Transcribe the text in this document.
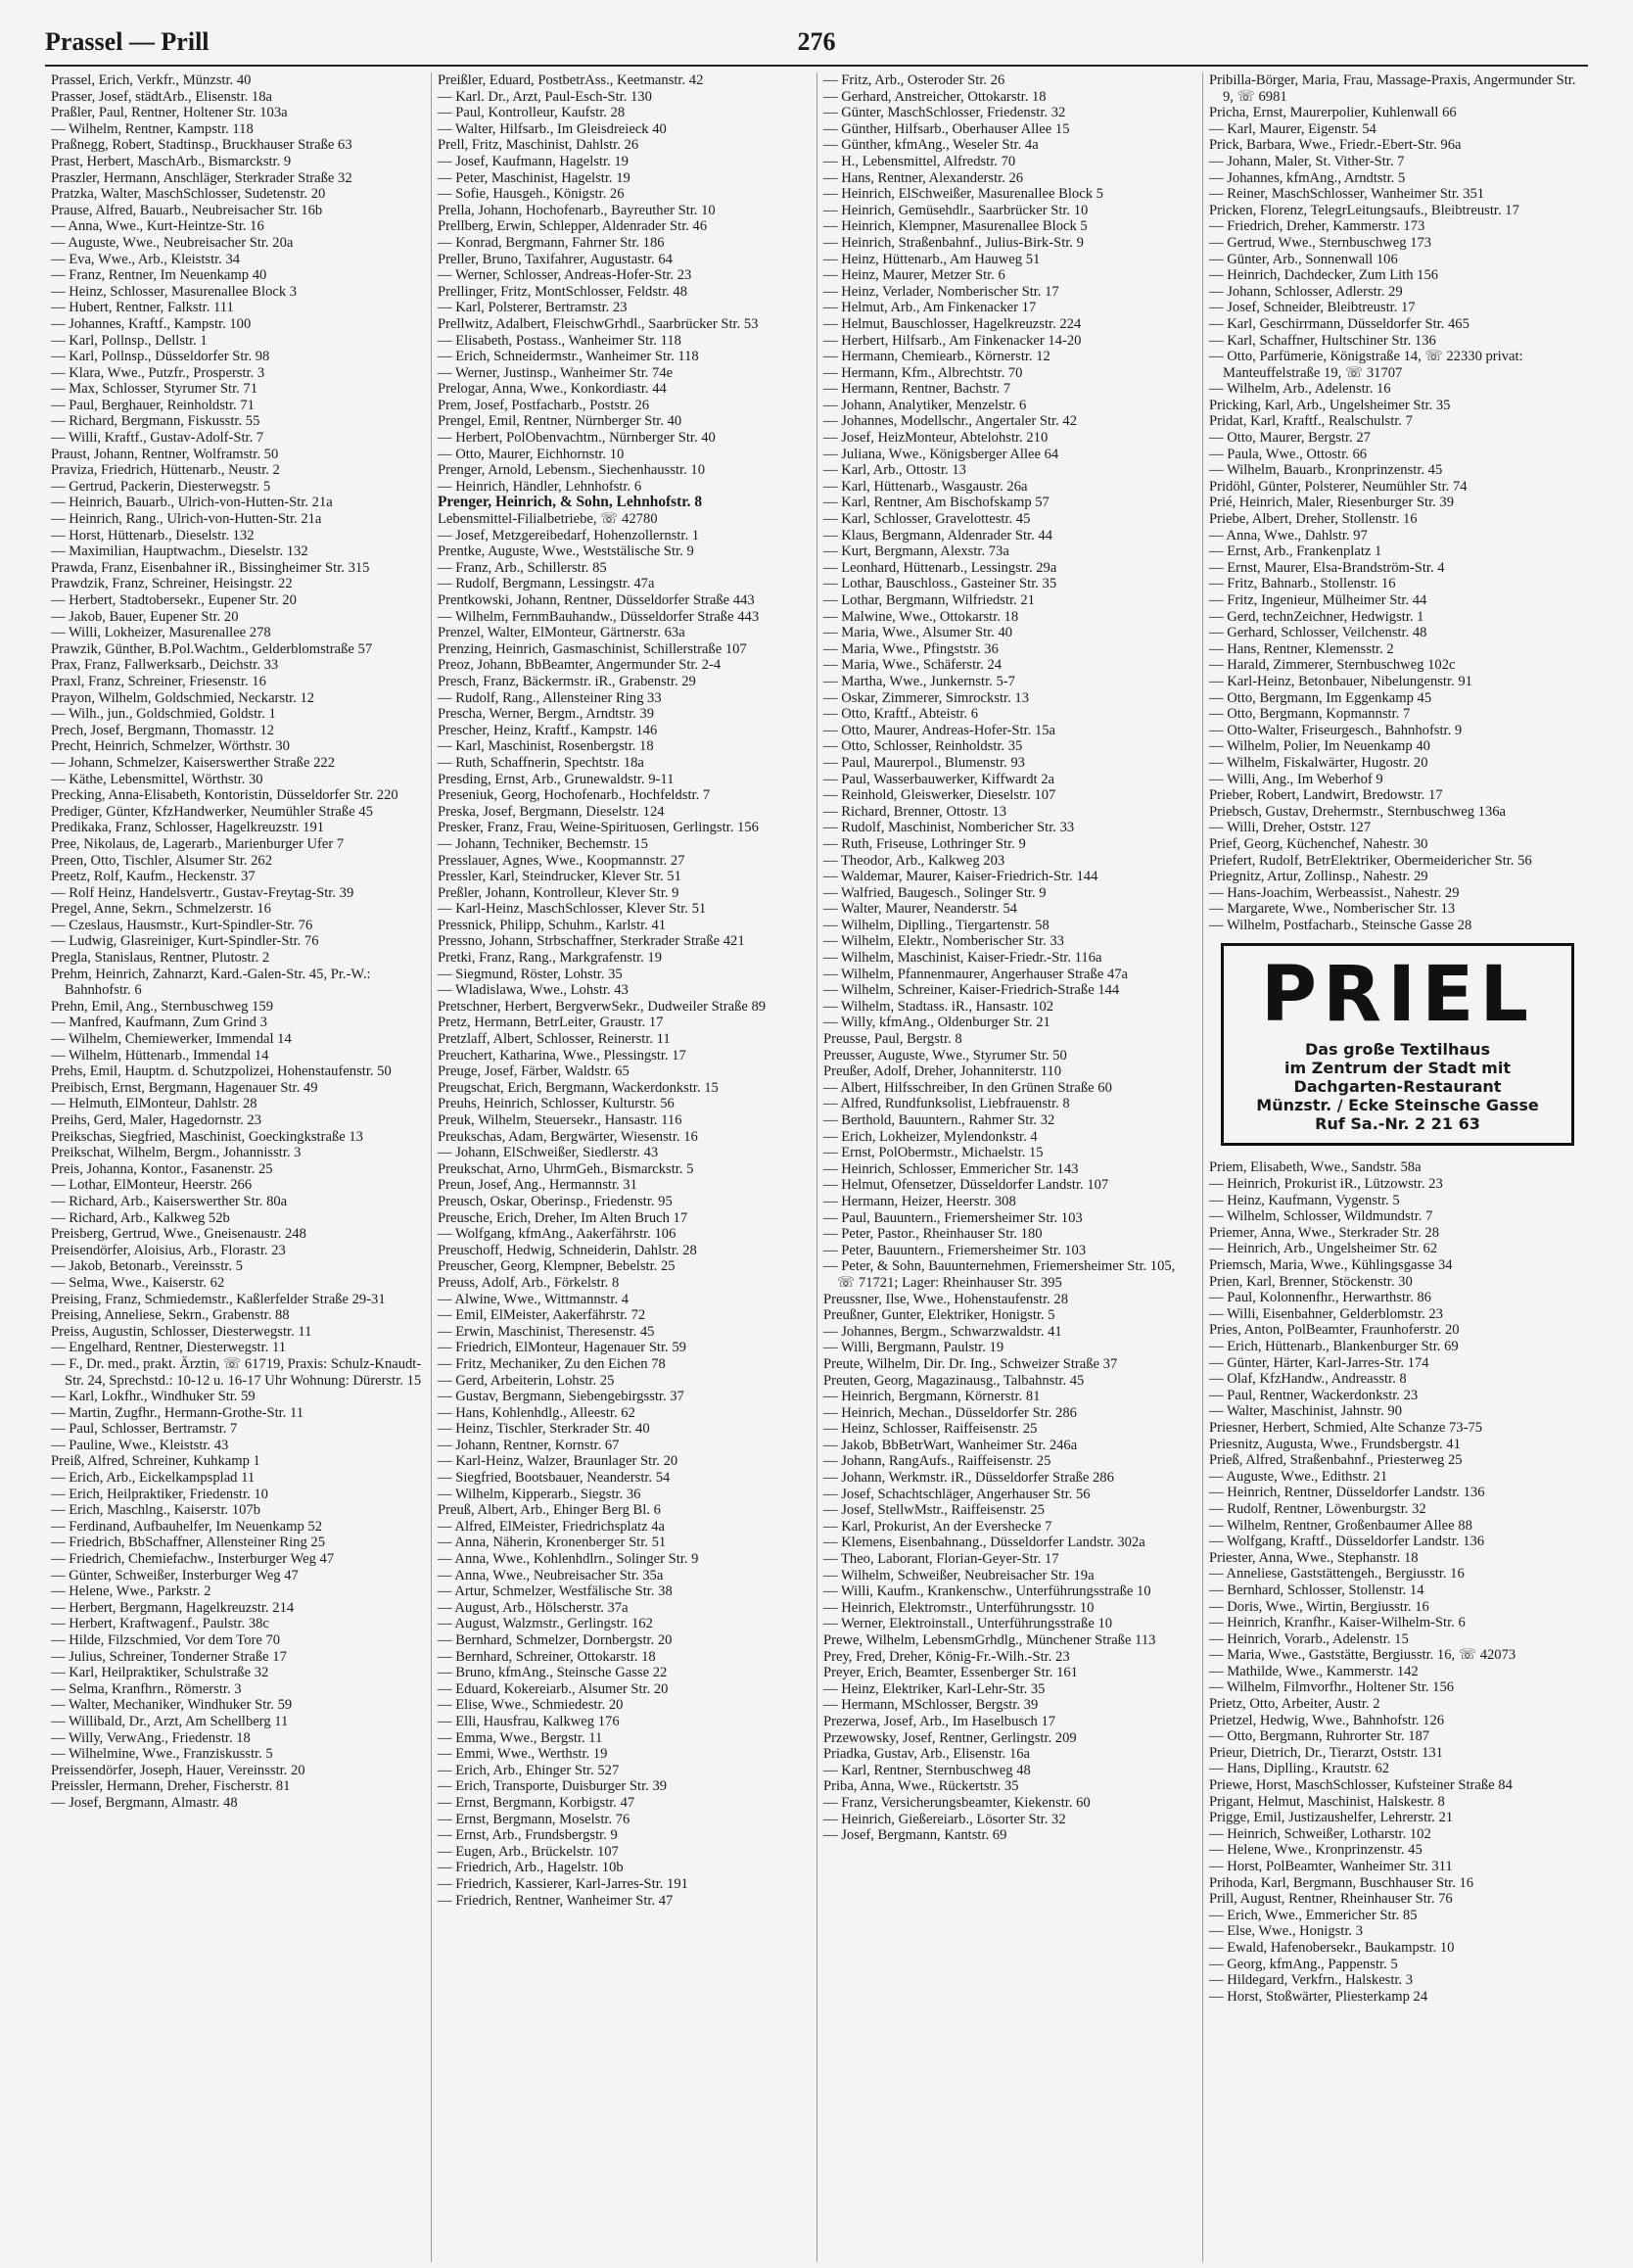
Prassel — Prill	276
Prassel, Erich, Verkfr., Münzstr. 40
Prasser, Josef, städtArb., Elisenstr. 18a
Praßler, Paul, Rentner, Holtener Str. 103a
— Wilhelm, Rentner, Kampstr. 118
Praßnegg, Robert, Stadtinsp., Bruckhauser Straße 63
Prast, Herbert, MaschArb., Bismarckstr. 9
Praszler, Hermann, Anschläger, Sterkrader Straße 32
Pratzka, Walter, MaschSchlosser, Sudetenstr. 20
Prause, Alfred, Bauarb., Neubreisacher Str. 16b
— Anna, Wwe., Kurt-Heintze-Str. 16
— Auguste, Wwe., Neubreisacher Str. 20a
— Eva, Wwe., Arb., Kleiststr. 34
— Franz, Rentner, Im Neuenkamp 40
— Heinz, Schlosser, Masurenallee Block 3
— Hubert, Rentner, Falkstr. 111
— Johannes, Kraftf., Kampstr. 100
— Karl, Pollnsp., Dellstr. 1
— Karl, Pollnsp., Düsseldorfer Str. 98
— Klara, Wwe., Putzfr., Prosperstr. 3
— Max, Schlosser, Styrumer Str. 71
— Paul, Berghauer, Reinholdstr. 71
— Richard, Bergmann, Fiskusstr. 55
— Willi, Kraftf., Gustav-Adolf-Str. 7
Praust, Johann, Rentner, Wolframstr. 50
Praviza, Friedrich, Hüttenarb., Neustr. 2
— Gertrud, Packerin, Diesterwegstr. 5
— Heinrich, Bauarb., Ulrich-von-Hutten-Str. 21a
— Heinrich, Rang., Ulrich-von-Hutten-Str. 21a
— Horst, Hüttenarb., Dieselstr. 132
— Maximilian, Hauptwachm., Dieselstr. 132
Prawda, Franz, Eisenbahner iR., Bissingheimer Str. 315
Prawdzik, Franz, Schreiner, Heisingstr. 22
— Herbert, Stadtobersekr., Eupener Str. 20
— Jakob, Bauer, Eupener Str. 20
— Willi, Lokheizer, Masurenallee 278
Prawzik, Günther, B.Pol.Wachtm., Gelderblomstraße 57
Prax, Franz, Fallwerksarb., Deichstr. 33
Praxl, Franz, Schreiner, Friesenstr. 16
Prayon, Wilhelm, Goldschmied, Neckarstr. 12
— Wilh., jun., Goldschmied, Goldstr. 1
Prech, Josef, Bergmann, Thomasstr. 12
Precht, Heinrich, Schmelzer, Wörthstr. 30
— Johann, Schmelzer, Kaiserswerther Straße 222
— Käthe, Lebensmittel, Wörthstr. 30
Precking, Anna-Elisabeth, Kontoristin, Düsseldorfer Str. 220
Prediger, Günter, KfzHandwerker, Neumühler Straße 45
Predikaka, Franz, Schlosser, Hagelkreuzstr. 191
Pree, Nikolaus, de, Lagerarb., Marienburger Ufer 7
Preen, Otto, Tischler, Alsumer Str. 262
Preetz, Rolf, Kaufm., Heckenstr. 37
— Rolf Heinz, Handelsvertr., Gustav-Freytag-Str. 39
Pregel, Anne, Sekrn., Schmelzerstr. 16
— Czeslaus, Hausmstr., Kurt-Spindler-Str. 76
— Ludwig, Glasreiniger, Kurt-Spindler-Str. 76
Pregla, Stanislaus, Rentner, Plutostr. 2
Prehm, Heinrich, Zahnarzt, Kard.-Galen-Str. 45, Pr.-W.: Bahnhofstr. 6
Prehn, Emil, Ang., Sternbuschweg 159
— Manfred, Kaufmann, Zum Grind 3
— Wilhelm, Chemiewerker, Immendal 14
— Wilhelm, Hüttenarb., Immendal 14
Prehs, Emil, Hauptm. d. Schutzpolizei, Hohenstaufenstr. 50
Preibisch, Ernst, Bergmann, Hagenauer Str. 49
— Helmuth, ElMonteur, Dahlstr. 28
Preihs, Gerd, Maler, Hagedornstr. 23
Preikschas, Siegfried, Maschinist, Goeckingkstraße 13
Preikschat, Wilhelm, Bergm., Johannisstr. 3
Preis, Johanna, Kontor., Fasanenstr. 25
— Lothar, ElMonteur, Heerstr. 266
— Richard, Arb., Kaiserswerther Str. 80a
— Richard, Arb., Kalkweg 52b
Preisberg, Gertrud, Wwe., Gneisenaustr. 248
Preisendörfer, Aloisius, Arb., Florastr. 23
— Jakob, Betonarb., Vereinsstr. 5
— Selma, Wwe., Kaiserstr. 62
Preising, Franz, Schmiedemstr., Kaßlerfelder Straße 29-31
Preising, Anneliese, Sekrn., Grabenstr. 88
Preiss, Augustin, Schlosser, Diesterwegstr. 11
— Engelhard, Rentner, Diesterwegstr. 11
— F., Dr. med., prakt. Ärztin, ☏ 61719, Praxis: Schulz-Knaudt-Str. 24, Sprechstd.: 10-12 u. 16-17 Uhr Wohnung: Dürerstr. 15
— Karl, Lokfhr., Windhuker Str. 59
— Martin, Zugfhr., Hermann-Grothe-Str. 11
— Paul, Schlosser, Bertramstr. 7
— Pauline, Wwe., Kleiststr. 43
Preiß, Alfred, Schreiner, Kuhkamp 1
— Erich, Arb., Eickelkampsplad 11
— Erich, Heilpraktiker, Friedenstr. 10
— Erich, Maschlng., Kaiserstr. 107b
— Ferdinand, Aufbauhelfer, Im Neuenkamp 52
— Friedrich, BbSchaffner, Allensteiner Ring 25
— Friedrich, Chemiefachw., Insterburger Weg 47
— Günter, Schweißer, Insterburger Weg 47
— Helene, Wwe., Parkstr. 2
— Herbert, Bergmann, Hagelkreuzstr. 214
— Herbert, Kraftwagenf., Paulstr. 38c
— Hilde, Filzschmied, Vor dem Tore 70
— Julius, Schreiner, Tonderner Straße 17
— Karl, Heilpraktiker, Schulstraße 32
— Selma, Kranfhrn., Römerstr. 3
— Walter, Mechaniker, Windhuker Str. 59
— Willibald, Dr., Arzt, Am Schellberg 11
— Willy, VerwAng., Friedenstr. 18
— Wilhelmine, Wwe., Franziskusstr. 5
Preissendörfer, Joseph, Hauer, Vereinsstr. 20
Preissler, Hermann, Dreher, Fischerstr. 81
— Josef, Bergmann, Almastr. 48
Preißler, Eduard, PostbetrAss., Keetmanstr. 42
— Karl. Dr., Arzt, Paul-Esch-Str. 130
— Paul, Kontrolleur, Kaufstr. 28
— Walter, Hilfsarb., Im Gleisdreieck 40
Prell, Fritz, Maschinist, Dahlstr. 26
— Josef, Kaufmann, Hagelstr. 19
— Peter, Maschinist, Hagelstr. 19
— Sofie, Hausgeh., Königstr. 26
Prella, Johann, Hochofenarb., Bayreuther Str. 10
Prellberg, Erwin, Schlepper, Aldenrader Str. 46
— Konrad, Bergmann, Fahrner Str. 186
Preller, Bruno, Taxifahrer, Augustastr. 64
— Werner, Schlosser, Andreas-Hofer-Str. 23
Prellinger, Fritz, MontSchlosser, Feldstr. 48
— Karl, Polsterer, Bertramstr. 23
Prellwitz, Adalbert, FleischwGrhdl., Saarbrücker Str. 53
— Elisabeth, Postass., Wanheimer Str. 118
— Erich, Schneidermstr., Wanheimer Str. 118
— Werner, Justinsp., Wanheimer Str. 74e
Prelogar, Anna, Wwe., Konkordiastr. 44
Prem, Josef, Postfacharb., Poststr. 26
Prengel, Emil, Rentner, Nürnberger Str. 40
— Herbert, PolObenvachtm., Nürnberger Str. 40
— Otto, Maurer, Eichhornstr. 10
Prenger, Arnold, Lebensm., Siechenhausstr. 10
— Heinrich, Händler, Lehnhofstr. 6
Prenger, Heinrich, & Sohn, Lehnhofstr. 8
Lebensmittel-Filialbetriebe, ☏ 42780
— Josef, Metzgereibedarf, Hohenzollernstr. 1
Prentke, Auguste, Wwe., Weststälische Str. 9
— Franz, Arb., Schillerstr. 85
— Rudolf, Bergmann, Lessingstr. 47a
Prentkowski, Johann, Rentner, Düsseldorfer Straße 443
— Wilhelm, FernmBauhandw., Düsseldorfer Straße 443
Prenzel, Walter, ElMonteur, Gärtnerstr. 63a
Prenzing, Heinrich, Gasmaschinist, Schillerstraße 107
Preoz, Johann, BbBeamter, Angermunder Str. 2-4
Presch, Franz, Bäckermstr. iR., Grabenstr. 29
— Rudolf, Rang., Allensteiner Ring 33
Prescha, Werner, Bergm., Arndtstr. 39
Prescher, Heinz, Kraftf., Kampstr. 146
— Karl, Maschinist, Rosenbergstr. 18
— Ruth, Schaffnerin, Spechtstr. 18a
Presding, Ernst, Arb., Grunewaldstr. 9-11
Preseniuk, Georg, Hochofenarb., Hochfeldstr. 7
Preska, Josef, Bergmann, Dieselstr. 124
Presker, Franz, Frau, Weine-Spirituosen, Gerlingstr. 156
— Johann, Techniker, Bechemstr. 15
Presslauer, Agnes, Wwe., Koopmannstr. 27
Pressler, Karl, Steindrucker, Klever Str. 51
Preßler, Johann, Kontrolleur, Klever Str. 9
— Karl-Heinz, MaschSchlosser, Klever Str. 51
Pressnick, Philipp, Schuhm., Karlstr. 41
Pressno, Johann, Strbschaffner, Sterkrader Straße 421
Pretki, Franz, Rang., Markgrafenstr. 19
— Siegmund, Röster, Lohstr. 35
— Wladislawa, Wwe., Lohstr. 43
Pretschner, Herbert, BergverwSekr., Dudweiler Straße 89
Pretz, Hermann, BetrLeiter, Graustr. 17
Pretzlaff, Albert, Schlosser, Reinerstr. 11
Preuchert, Katharina, Wwe., Plessingstr. 17
Preuge, Josef, Färber, Waldstr. 65
Preugschat, Erich, Bergmann, Wackerdonkstr. 15
Preuhs, Heinrich, Schlosser, Kulturstr. 56
Preuk, Wilhelm, Steuersekr., Hansastr. 116
Preukschas, Adam, Bergwärter, Wiesenstr. 16
— Johann, ElSchweißer, Siedlerstr. 43
Preukschat, Arno, UhrmGeh., Bismarckstr. 5
Preun, Josef, Ang., Hermannstr. 31
Preusch, Oskar, Oberinsp., Friedenstr. 95
Preusche, Erich, Dreher, Im Alten Bruch 17
— Wolfgang, kfmAng., Aakerfährstr. 106
Preuschoff, Hedwig, Schneiderin, Dahlstr. 28
Preuscher, Georg, Klempner, Bebelstr. 25
Preuss, Adolf, Arb., Förkelstr. 8
— Alwine, Wwe., Wittmannstr. 4
— Emil, ElMeister, Aakerfährstr. 72
— Erwin, Maschinist, Theresenstr. 45
— Friedrich, ElMonteur, Hagenauer Str. 59
— Fritz, Mechaniker, Zu den Eichen 78
— Gerd, Arbeiterin, Lohstr. 25
— Gustav, Bergmann, Siebengebirgsstr. 37
— Hans, Kohlenhdlg., Alleestr. 62
— Heinz, Tischler, Sterkrader Str. 40
— Johann, Rentner, Kornstr. 67
— Karl-Heinz, Walzer, Braunlager Str. 20
— Siegfried, Bootsbauer, Neanderstr. 54
— Wilhelm, Kipperarb., Siegstr. 36
Preuß, Albert, Arb., Ehinger Berg Bl. 6
— Alfred, ElMeister, Friedrichsplatz 4a
— Anna, Näherin, Kronenberger Str. 51
— Anna, Wwe., Kohlenhdlrn., Solinger Str. 9
— Anna, Wwe., Neubreisacher Str. 35a
— Artur, Schmelzer, Westfälische Str. 38
— August, Arb., Hölscherstr. 37a
— August, Walzmstr., Gerlingstr. 162
— Bernhard, Schmelzer, Dornbergstr. 20
— Bernhard, Schreiner, Ottokarstr. 18
— Bruno, kfmAng., Steinsche Gasse 22
— Eduard, Kokereiarb., Alsumer Str. 20
— Elise, Wwe., Schmiedestr. 20
— Elli, Hausfrau, Kalkweg 176
— Emma, Wwe., Bergstr. 11
— Emmi, Wwe., Werthstr. 19
— Erich, Arb., Ehinger Str. 527
— Erich, Transporte, Duisburger Str. 39
— Ernst, Bergmann, Korbigstr. 47
— Ernst, Bergmann, Moselstr. 76
— Ernst, Arb., Frundsbergstr. 9
— Eugen, Arb., Brückelstr. 107
— Friedrich, Arb., Hagelstr. 10b
— Friedrich, Kassierer, Karl-Jarres-Str. 191
— Friedrich, Rentner, Wanheimer Str. 47
— Fritz, Arb., Osteroder Str. 26
— Gerhard, Anstreicher, Ottokarstr. 18
— Günter, MaschSchlosser, Friedenstr. 32
— Günther, Hilfsarb., Oberhauser Allee 15
— Günther, kfmAng., Weseler Str. 4a
— H., Lebensmittel, Alfredstr. 70
— Hans, Rentner, Alexanderstr. 26
— Heinrich, ElSchweißer, Masurenallee Block 5
— Heinrich, Gemüsehdlr., Saarbrücker Str. 10
— Heinrich, Klempner, Masurenallee Block 5
— Heinrich, Straßenbahnf., Julius-Birk-Str. 9
— Heinz, Hüttenarb., Am Hauweg 51
— Heinz, Maurer, Metzer Str. 6
— Heinz, Verlader, Nomberischer Str. 17
— Helmut, Arb., Am Finkenacker 17
— Helmut, Bauschlosser, Hagelkreuzstr. 224
— Herbert, Hilfsarb., Am Finkenacker 14-20
— Hermann, Chemiearb., Körnerstr. 12
— Hermann, Kfm., Albrechtstr. 70
— Hermann, Rentner, Bachstr. 7
— Johann, Analytiker, Menzelstr. 6
— Johannes, Modellschr., Angertaler Str. 42
— Josef, HeizMonteur, Abtelohstr. 210
— Juliana, Wwe., Königsberger Allee 64
— Karl, Arb., Ottostr. 13
— Karl, Hüttenarb., Wasgaustr. 26a
— Karl, Rentner, Am Bischofskamp 57
— Karl, Schlosser, Gravelottestr. 45
— Klaus, Bergmann, Aldenrader Str. 44
— Kurt, Bergmann, Alexstr. 73a
— Leonhard, Hüttenarb., Lessingstr. 29a
— Lothar, Bauschloss., Gasteiner Str. 35
— Lothar, Bergmann, Wilfriedstr. 21
— Malwine, Wwe., Ottokarstr. 18
— Maria, Wwe., Alsumer Str. 40
— Maria, Wwe., Pfingststr. 36
— Maria, Wwe., Schäferstr. 24
— Martha, Wwe., Junkernstr. 5-7
— Oskar, Zimmerer, Simrockstr. 13
— Otto, Kraftf., Abteistr. 6
— Otto, Maurer, Andreas-Hofer-Str. 15a
— Otto, Schlosser, Reinholdstr. 35
— Paul, Maurerpol., Blumenstr. 93
— Paul, Wasserbauwerker, Kiffwardt 2a
— Reinhold, Gleiswerker, Dieselstr. 107
— Richard, Brenner, Ottostr. 13
— Rudolf, Maschinist, Nombericher Str. 33
— Ruth, Friseuse, Lothringer Str. 9
— Theodor, Arb., Kalkweg 203
— Waldemar, Maurer, Kaiser-Friedrich-Str. 144
— Walfried, Baugesch., Solinger Str. 9
— Walter, Maurer, Neanderstr. 54
— Wilhelm, Diplling., Tiergartenstr. 58
— Wilhelm, Elektr., Nomberischer Str. 33
— Wilhelm, Maschinist, Kaiser-Friedr.-Str. 116a
— Wilhelm, Pfannenmaurer, Angerhauser Straße 47a
— Wilhelm, Schreiner, Kaiser-Friedrich-Straße 144
— Wilhelm, Stadtass. iR., Hansastr. 102
— Willy, kfmAng., Oldenburger Str. 21
Preusse, Paul, Bergstr. 8
Preusser, Auguste, Wwe., Styrumer Str. 50
Preußer, Adolf, Dreher, Johanniterstr. 110
— Albert, Hilfsschreiber, In den Grünen Straße 60
— Alfred, Rundfunksolist, Liebfrauenstr. 8
— Berthold, Bauuntern., Rahmer Str. 32
— Erich, Lokheizer, Mylendonkstr. 4
— Ernst, PolObermstr., Michaelstr. 15
— Heinrich, Schlosser, Emmericher Str. 143
— Helmut, Ofensetzer, Düsseldorfer Landstr. 107
— Hermann, Heizer, Heerstr. 308
— Paul, Bauuntern., Friemersheimer Str. 103
— Peter, Pastor., Rheinhauser Str. 180
— Peter, Bauuntern., Friemersheimer Str. 103
— Peter, & Sohn, Bauunternehmen, Friemersheimer Str. 105, ☏ 71721; Lager: Rheinhauser Str. 395
Preussner, Ilse, Wwe., Hohenstaufenstr. 28
Preußner, Gunter, Elektriker, Honigstr. 5
— Johannes, Bergm., Schwarzwaldstr. 41
— Willi, Bergmann, Paulstr. 19
Preute, Wilhelm, Dir. Dr. Ing., Schweizer Straße 37
Preuten, Georg, Magazinausg., Talbahnstr. 45
— Heinrich, Bergmann, Körnerstr. 81
— Heinrich, Mechan., Düsseldorfer Str. 286
— Heinz, Schlosser, Raiffeisenstr. 25
— Jakob, BbBetrWart, Wanheimer Str. 246a
— Johann, RangAufs., Raiffeisenstr. 25
— Johann, Werkmstr. iR., Düsseldorfer Straße 286
— Josef, Schachtschläger, Angerhauser Str. 56
— Josef, StellwMstr., Raiffeisenstr. 25
— Karl, Prokurist, An der Evershecke 7
— Klemens, Eisenbahnang., Düsseldorfer Landstr. 302a
— Theo, Laborant, Florian-Geyer-Str. 17
— Wilhelm, Schweißer, Neubreisacher Str. 19a
— Willi, Kaufm., Krankenschw., Unterführungsstraße 10
— Heinrich, Elektromstr., Unterführungsstr. 10
— Werner, Elektroinstall., Unterführungsstraße 10
Prewe, Wilhelm, LebensmGrhdlg., Münchener Straße 113
Prey, Fred, Dreher, König-Fr.-Wilh.-Str. 23
Preyer, Erich, Beamter, Essenberger Str. 161
— Heinz, Elektriker, Karl-Lehr-Str. 35
— Hermann, MSchlosser, Bergstr. 39
Prezerwa, Josef, Arb., Im Haselbusch 17
Przewowsky, Josef, Rentner, Gerlingstr. 209
Priadka, Gustav, Arb., Elisenstr. 16a
— Karl, Rentner, Sternbuschweg 48
Priba, Anna, Wwe., Rückertstr. 35
— Franz, Versicherungsbeamter, Kiekenstr. 60
— Heinrich, Gießereiarb., Lösorter Str. 32
— Josef, Bergmann, Kantstr. 69
Pribilla-Börger, Maria, Frau, Massage-Praxis, Angermunder Str. 9, ☏ 6981
Pricha, Ernst, Maurerpolier, Kuhlenwall 66
— Karl, Maurer, Eigenstr. 54
Prick, Barbara, Wwe., Friedr.-Ebert-Str. 96a
— Johann, Maler, St. Vither-Str. 7
— Johannes, kfmAng., Arndtstr. 5
— Reiner, MaschSchlosser, Wanheimer Str. 351
Pricken, Florenz, TelegrLeitungsaufs., Bleibtreustr. 17
— Friedrich, Dreher, Kammerstr. 173
— Gertrud, Wwe., Sternbuschweg 173
— Günter, Arb., Sonnenwall 106
— Heinrich, Dachdecker, Zum Lith 156
— Johann, Schlosser, Adlerstr. 29
— Josef, Schneider, Bleibtreustr. 17
— Karl, Geschirrmann, Düsseldorfer Str. 465
— Karl, Schaffner, Hultschiner Str. 136
— Otto, Parfümerie, Königstraße 14, ☏ 22330 privat: Manteuffelstraße 19, ☏ 31707
— Wilhelm, Arb., Adelenstr. 16
Pricking, Karl, Arb., Ungelsheimer Str. 35
Pridat, Karl, Kraftf., Realschulstr. 7
— Otto, Maurer, Bergstr. 27
— Paula, Wwe., Ottostr. 66
— Wilhelm, Bauarb., Kronprinzenstr. 45
Pridöhl, Günter, Polsterer, Neumühler Str. 74
Prié, Heinrich, Maler, Riesenburger Str. 39
Priebe, Albert, Dreher, Stollenstr. 16
— Anna, Wwe., Dahlstr. 97
— Ernst, Arb., Frankenplatz 1
— Ernst, Maurer, Elsa-Brandström-Str. 4
— Fritz, Bahnarb., Stollenstr. 16
— Fritz, Ingenieur, Mülheimer Str. 44
— Gerd, technZeichner, Hedwigstr. 1
— Gerhard, Schlosser, Veilchenstr. 48
— Hans, Rentner, Klemensstr. 2
— Harald, Zimmerer, Sternbuschweg 102c
— Karl-Heinz, Betonbauer, Nibelungenstr. 91
— Otto, Bergmann, Im Eggenkamp 45
— Otto, Bergmann, Kopmannstr. 7
— Otto-Walter, Friseurgesch., Bahnhofstr. 9
— Wilhelm, Polier, Im Neuenkamp 40
— Wilhelm, Fiskalwärter, Hugostr. 20
— Willi, Ang., Im Weberhof 9
Prieber, Robert, Landwirt, Bredowstr. 17
Priebsch, Gustav, Drehermstr., Sternbuschweg 136a
— Willi, Dreher, Oststr. 127
Prief, Georg, Küchenchef, Nahestr. 30
Priefert, Rudolf, BetrElektriker, Obermeidericher Str. 56
Priegnitz, Artur, Zollinsp., Nahestr. 29
— Hans-Joachim, Werbeassist., Nahestr. 29
— Margarete, Wwe., Nomberischer Str. 13
— Wilhelm, Postfacharb., Steinsche Gasse 28
PRIEL
Das große Textilhaus
im Zentrum der Stadt mit
Dachgarten-Restaurant
Münzstr. / Ecke Steinsche Gasse
Ruf Sa.-Nr. 2 21 63
Priem, Elisabeth, Wwe., Sandstr. 58a
— Heinrich, Prokurist iR., Lützowstr. 23
— Heinz, Kaufmann, Vygenstr. 5
— Wilhelm, Schlosser, Wildmundstr. 7
Priemer, Anna, Wwe., Sterkrader Str. 28
— Heinrich, Arb., Ungelsheimer Str. 62
Priemsch, Maria, Wwe., Kühlingsgasse 34
Prien, Karl, Brenner, Stöckenstr. 30
— Paul, Kolonnenfhr., Herwarthstr. 86
— Willi, Eisenbahner, Gelderblomstr. 23
Pries, Anton, PolBeamter, Fraunhoferstr. 20
— Erich, Hüttenarb., Blankenburger Str. 69
— Günter, Härter, Karl-Jarres-Str. 174
— Olaf, KfzHandw., Andreasstr. 8
— Paul, Rentner, Wackerdonkstr. 23
— Walter, Maschinist, Jahnstr. 90
Priesner, Herbert, Schmied, Alte Schanze 73-75
Priesnitz, Augusta, Wwe., Frundsbergstr. 41
Prieß, Alfred, Straßenbahnf., Priesterweg 25
— Auguste, Wwe., Edithstr. 21
— Heinrich, Rentner, Düsseldorfer Landstr. 136
— Rudolf, Rentner, Löwenburgstr. 32
— Wilhelm, Rentner, Großenbaumer Allee 88
— Wolfgang, Kraftf., Düsseldorfer Landstr. 136
Priester, Anna, Wwe., Stephanstr. 18
— Anneliese, Gaststättengeh., Bergiusstr. 16
— Bernhard, Schlosser, Stollenstr. 14
— Doris, Wwe., Wirtin, Bergiusstr. 16
— Heinrich, Kranfhr., Kaiser-Wilhelm-Str. 6
— Heinrich, Vorarb., Adelenstr. 15
— Maria, Wwe., Gaststätte, Bergiusstr. 16, ☏ 42073
— Mathilde, Wwe., Kammerstr. 142
— Wilhelm, Filmvorfhr., Holtener Str. 156
Prietz, Otto, Arbeiter, Austr. 2
Prietzel, Hedwig, Wwe., Bahnhofstr. 126
— Otto, Bergmann, Ruhrorter Str. 187
Prieur, Dietrich, Dr., Tierarzt, Oststr. 131
— Hans, Diplling., Krautstr. 62
Priewe, Horst, MaschSchlosser, Kufsteiner Straße 84
Prigant, Helmut, Maschinist, Halskestr. 8
Prigge, Emil, Justizaushelfer, Lehrerstr. 21
— Heinrich, Schweißer, Lotharstr. 102
— Helene, Wwe., Kronprinzenstr. 45
— Horst, PolBeamter, Wanheimer Str. 311
Prihoda, Karl, Bergmann, Buschhauser Str. 16
Prill, August, Rentner, Rheinhauser Str. 76
— Erich, Wwe., Emmericher Str. 85
— Else, Wwe., Honigstr. 3
— Ewald, Hafenobersekr., Baukampstr. 10
— Georg, kfmAng., Pappenstr. 5
— Hildegard, Verkfrn., Halskestr. 3
— Horst, Stoßwärter, Pliesterkamp 24
